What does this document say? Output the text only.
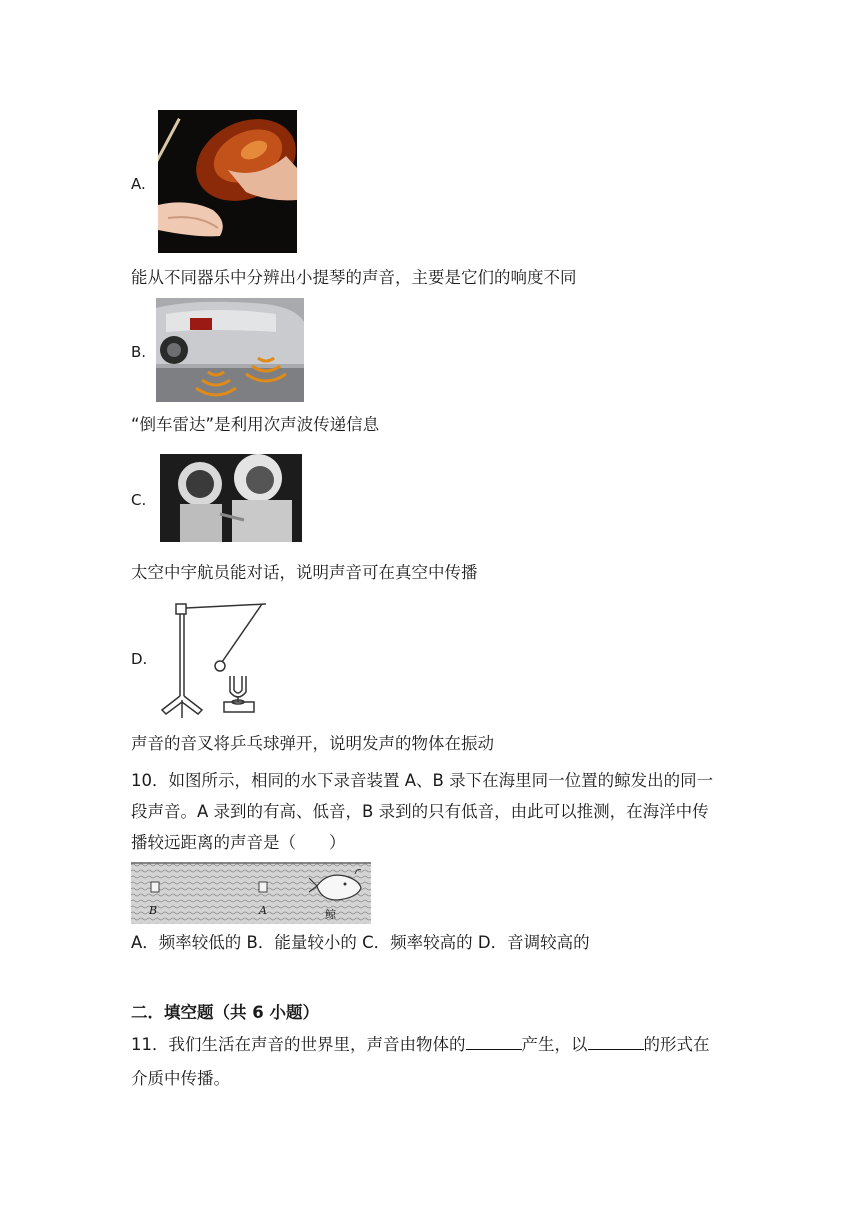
A.
能从不同器乐中分辨出小提琴的声音，主要是它们的响度不同
B.
“倒车雷达”是利用次声波传递信息
C.
太空中宇航员能对话，说明声音可在真空中传播
D.
声音的音叉将乒乓球弹开，说明发声的物体在振动
10．如图所示，相同的水下录音装置 A、B 录下在海里同一位置的鲸发出的同一
段声音。A 录到的有高、低音，B 录到的只有低音，由此可以推测，在海洋中传
播较远距离的声音是（　　）
B	A	鲸
A．频率较低的 B．能量较小的 C．频率较高的 D．音调较高的
二．填空题（共 6 小题）
11．我们生活在声音的世界里，声音由物体的	产生，以	的形式在
介质中传播。
